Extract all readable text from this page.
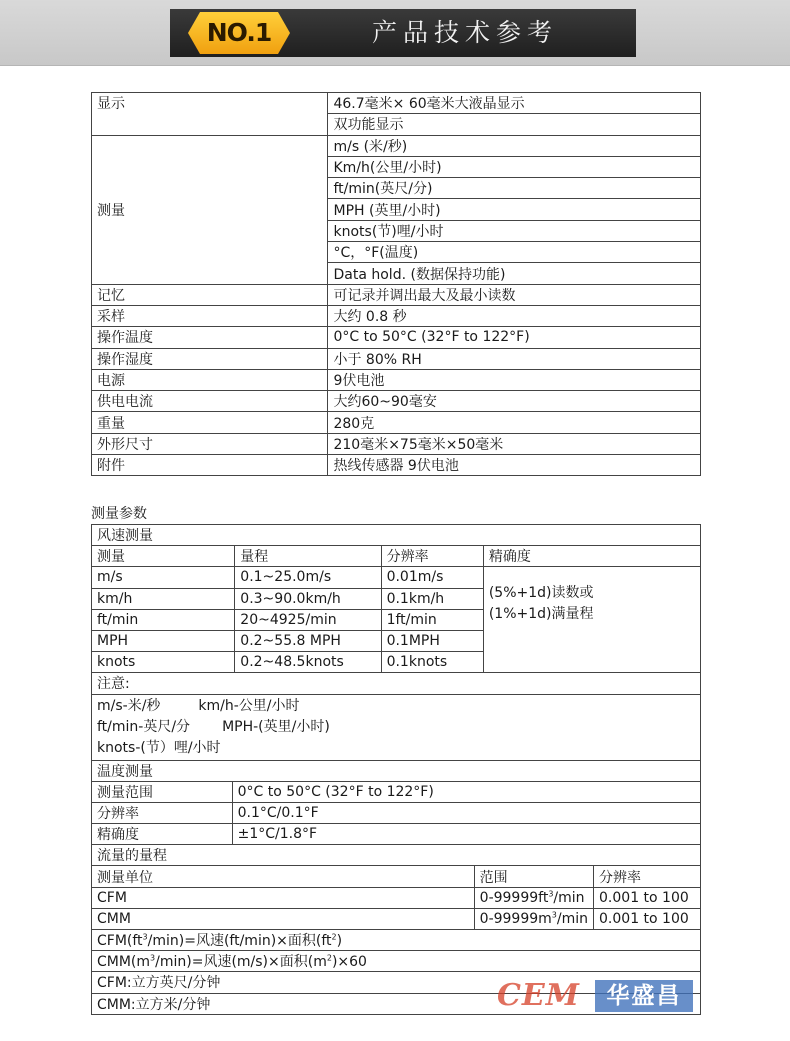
NO.1	产品技术参考
显示	46.7毫米× 60毫米大液晶显示
	双功能显示
测量	m/s (米/秒)
	Km/h(公里/小时)
	ft/min(英尺/分)
	MPH (英里/小时)
	knots(节)哩/小时
	°C，°F(温度)
	Data hold. (数据保持功能)
记忆	可记录并调出最大及最小读数
采样	大约 0.8 秒
操作温度	0°C to 50°C (32°F to 122°F)
操作湿度	小于 80% RH
电源	9伏电池
供电电流	大约60~90毫安
重量	280克
外形尺寸	210毫米×75毫米×50毫米
附件	热线传感器 9伏电池
测量参数
风速测量						
测量		量程	分辨率		精确度	
m/s		0.1~25.0m/s	0.01m/s		(5%+1d)读数或
(1%+1d)满量程	

km/h		0.3~90.0km/h	0.1km/h			
ft/min		20~4925/min	1ft/min			
MPH		0.2~55.8 MPH	0.1MPH			
knots		0.2~48.5knots	0.1knots			
注意:						

m/s-米/秒 km/h-公里/小时
ft/min-英尺/分 MPH-(英里/小时)
knots-(节）哩/小时						

温度测量						
测量范围	0°C to 50°C (32°F to 122°F)					
分辨率	0.1°C/0.1°F					
精确度	±1°C/1.8°F					
流量的量程						
测量单位				范围		分辨率
CFM				$0-99999ft^3/\min$		0.001 to 100
CMM				$0-99999m^3/\min$		0.001 to 100
$CFM(ft^3/\min)=$风速(ft/min)×面积$(ft^2)$						
$CMM(m^3/\min)=$风速(m/s)×面积$(m^2)\times 60$						
CFM:立方英尺/分钟						
CMM:立方米/分钟							CEM	华盛昌
